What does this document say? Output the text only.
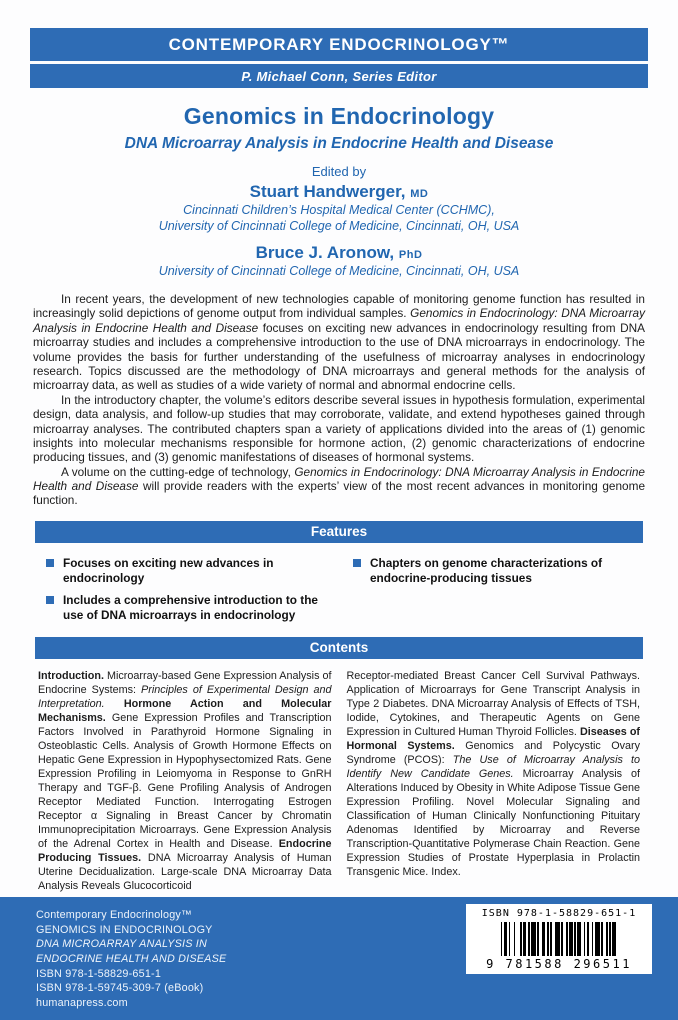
CONTEMPORARY ENDOCRINOLOGY™
P. Michael Conn, Series Editor
Genomics in Endocrinology
DNA Microarray Analysis in Endocrine Health and Disease
Edited by
Stuart Handwerger, MD
Cincinnati Children’s Hospital Medical Center (CCHMC),
University of Cincinnati College of Medicine, Cincinnati, OH, USA
Bruce J. Aronow, PhD
University of Cincinnati College of Medicine, Cincinnati, OH, USA

In recent years, the development of new technologies capable of monitoring genome function has resulted in increasingly solid depictions of genome output from individual samples. Genomics in Endocrinology: DNA Microarray Analysis in Endocrine Health and Disease focuses on exciting new advances in endocrinology resulting from DNA microarray studies and includes a comprehensive introduction to the use of DNA microarrays in endocrinology. The volume provides the basis for further understanding of the usefulness of microarray analyses in endocrinology research. Topics discussed are the methodology of DNA microarrays and general methods for the analysis of microarray data, as well as studies of a wide variety of normal and abnormal endocrine cells.

In the introductory chapter, the volume’s editors describe several issues in hypothesis formulation, experimental design, data analysis, and follow-up studies that may corroborate, validate, and extend hypotheses gained through microarray analyses. The contributed chapters span a variety of applications divided into the areas of (1) genomic insights into molecular mechanisms responsible for hormone action, (2) genomic characterizations of endocrine producing tissues, and (3) genomic manifestations of diseases of hormonal systems.

A volume on the cutting-edge of technology, Genomics in Endocrinology: DNA Microarray Analysis in Endocrine Health and Disease will provide readers with the experts’ view of the most recent advances in monitoring genome function.

Features
Focuses on exciting new advances in endocrinology
Includes a comprehensive introduction to the use of DNA microarrays in endocrinology
Chapters on genome characterizations of endocrine-producing tissues
Contents
Introduction. Microarray-based Gene Expression Analysis of Endocrine Systems: Principles of Experimental Design and Interpretation. Hormone Action and Molecular Mechanisms. Gene Expression Profiles and Transcription Factors Involved in Parathyroid Hormone Signaling in Osteoblastic Cells. Analysis of Growth Hormone Effects on Hepatic Gene Expression in Hypophysectomized Rats. Gene Expression Profiling in Leiomyoma in Response to GnRH Therapy and TGF-β. Gene Profiling Analysis of Androgen Receptor Mediated Function. Interrogating Estrogen Receptor α Signaling in Breast Cancer by Chromatin Immunoprecipitation Microarrays. Gene Expression Analysis of the Adrenal Cortex in Health and Disease. Endocrine Producing Tissues. DNA Microarray Analysis of Human Uterine Decidualization. Large-scale DNA Microarray Data Analysis Reveals Glucocorticoid
Receptor-mediated Breast Cancer Cell Survival Pathways. Application of Microarrays for Gene Transcript Analysis in Type 2 Diabetes. DNA Microarray Analysis of Effects of TSH, Iodide, Cytokines, and Therapeutic Agents on Gene Expression in Cultured Human Thyroid Follicles. Diseases of Hormonal Systems. Genomics and Polycystic Ovary Syndrome (PCOS): The Use of Microarray Analysis to Identify New Candidate Genes. Microarray Analysis of Alterations Induced by Obesity in White Adipose Tissue Gene Expression Profiling. Novel Molecular Signaling and Classification of Human Clinically Nonfunctioning Pituitary Adenomas Identified by Microarray and Reverse Transcription-Quantitative Polymerase Chain Reaction. Gene Expression Studies of Prostate Hyperplasia in Prolactin Transgenic Mice. Index.
Contemporary Endocrinology™
GENOMICS IN ENDOCRINOLOGY
DNA MICROARRAY ANALYSIS IN
ENDOCRINE HEALTH AND DISEASE
ISBN 978-1-58829-651-1
ISBN 978-1-59745-309-7 (eBook)
humanapress.com
ISBN 978-1-58829-651-1
9 781588 296511
